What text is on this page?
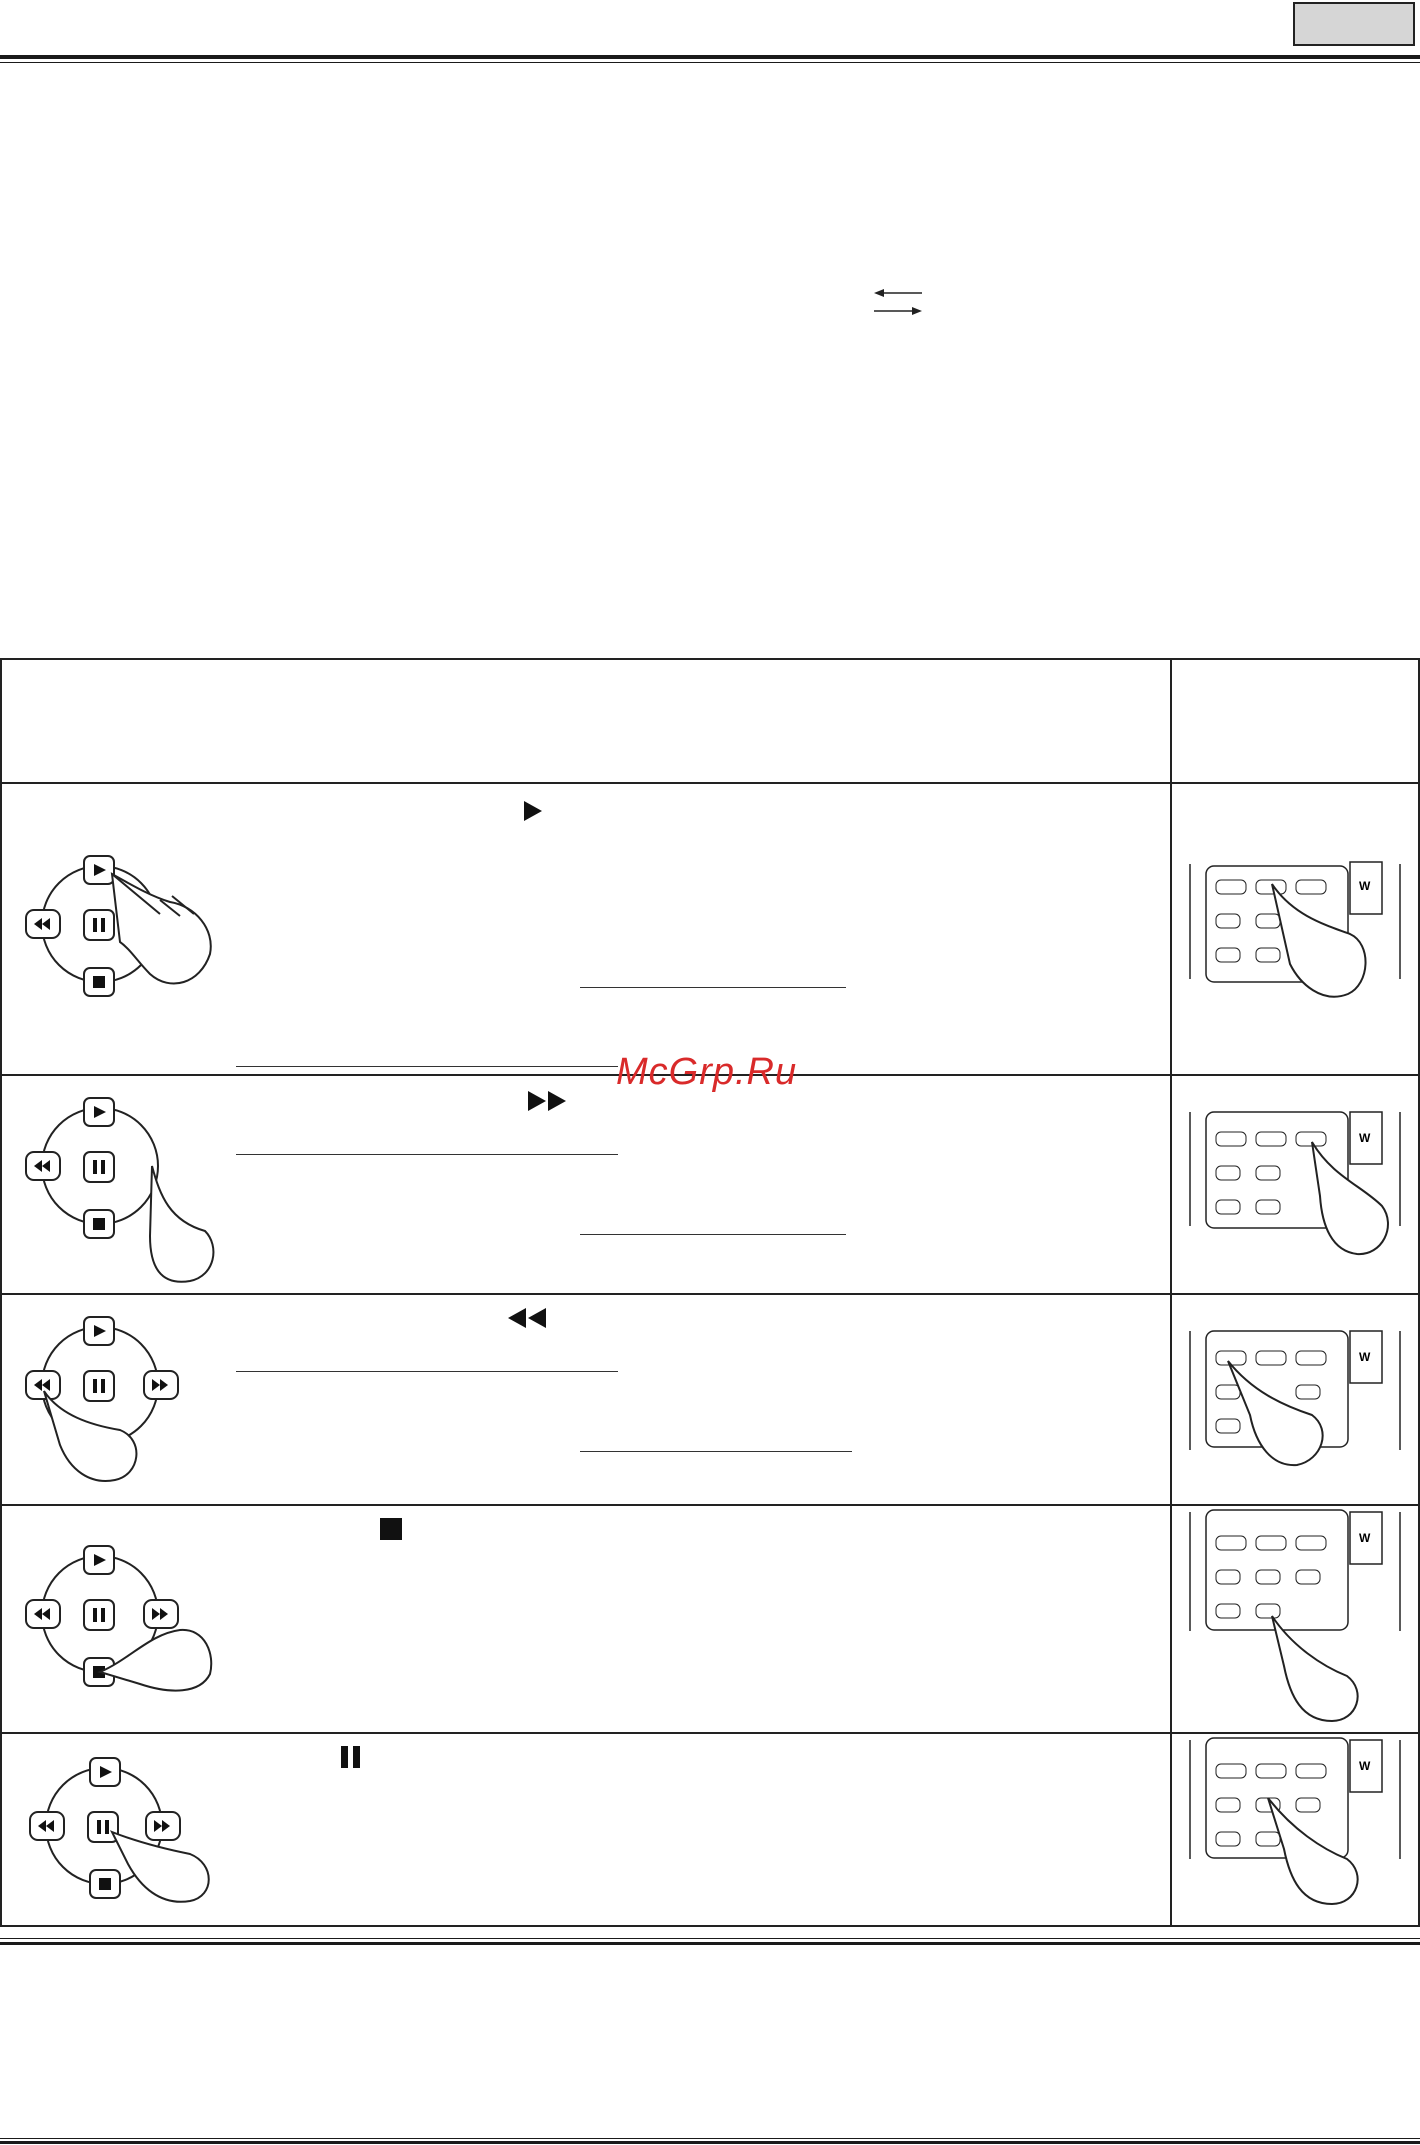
W

W

W

W

W
McGrp.Ru
